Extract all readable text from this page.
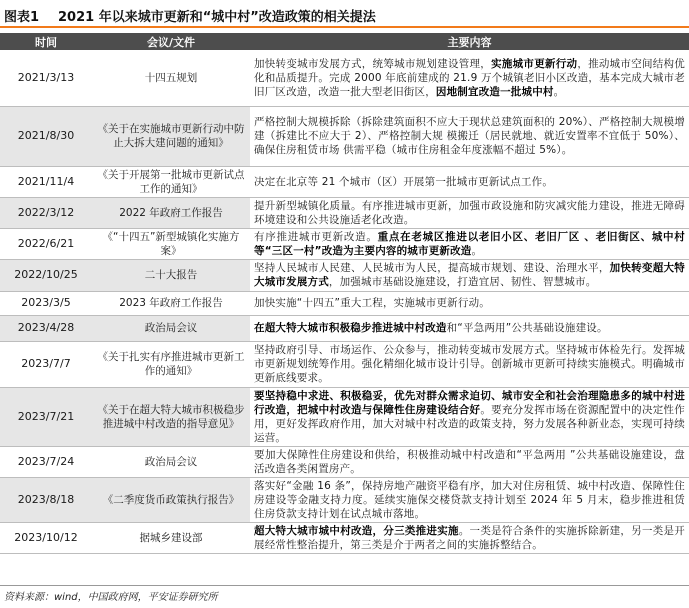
图表1 2021 年以来城市更新和“城中村”改造政策的相关提法
时间	会议/文件	主要内容
2021/3/13	十四五规划	加快转变城市发展方式，统筹城市规划建设管理，实施城市更新行动，推动城市空间结构优化和品质提升。完成 2000 年底前建成的 21.9 万个城镇老旧小区改造，基本完成大城市老旧厂区改造，改造一批大型老旧街区，因地制宜改造一批城中村。
2021/8/30	《关于在实施城市更新行动中防止大拆大建问题的通知》	严格控制大规模拆除（拆除建筑面积不应大于现状总建筑面积的 20%）、严格控制大规模增建（拆建比不应大于 2）、严格控制大规 模搬迁（居民就地、就近安置率不宜低于 50%）、确保住房租赁市场 供需平稳（城市住房租金年度涨幅不超过 5%）。
2021/11/4	《关于开展第一批城市更新试点工作的通知》	决定在北京等 21 个城市（区）开展第一批城市更新试点工作。
2022/3/12	2022 年政府工作报告	提升新型城镇化质量。有序推进城市更新，加强市政设施和防灾减灾能力建设，推进无障碍环境建设和公共设施适老化改造。
2022/6/21	《“十四五”新型城镇化实施方案》	有序推进城市更新改造。重点在老城区推进以老旧小区、老旧厂区 、老旧街区、城中村等“三区一村”改造为主要内容的城市更新改造。
2022/10/25	二十大报告	坚持人民城市人民建、人民城市为人民，提高城市规划、建设、治理水平，加快转变超大特大城市发展方式，加强城市基础设施建设，打造宜居、韧性、智慧城市。
2023/3/5	2023 年政府工作报告	加快实施“十四五”重大工程，实施城市更新行动。
2023/4/28	政治局会议	在超大特大城市积极稳步推进城中村改造和“平急两用”公共基础设施建设。
2023/7/7	《关于扎实有序推进城市更新工作的通知》	坚持政府引导、市场运作、公众参与，推动转变城市发展方式。坚持城市体检先行。发挥城市更新规划统筹作用。强化精细化城市设计引导。创新城市更新可持续实施模式。明确城市更新底线要求。
2023/7/21	《关于在超大特大城市积极稳步推进城中村改造的指导意见》	要坚持稳中求进、积极稳妥，优先对群众需求迫切、城市安全和社会治理隐患多的城中村进行改造，把城中村改造与保障性住房建设结合好。要充分发挥市场在资源配置中的决定性作用，更好发挥政府作用，加大对城中村改造的政策支持，努力发展各种新业态，实现可持续运营。
2023/7/24	政治局会议	要加大保障性住房建设和供给，积极推动城中村改造和“平急两用 ”公共基础设施建设，盘活改造各类闲置房产。
2023/8/18	《二季度货币政策执行报告》	落实好“金融 16 条”，保持房地产融资平稳有序，加大对住房租赁、城中村改造、保障性住房建设等金融支持力度。延续实施保交楼贷款支持计划至 2024 年 5 月末，稳步推进租赁住房贷款支持计划在试点城市落地。
2023/10/12	据城乡建设部	超大特大城市城中村改造，分三类推进实施。一类是符合条件的实施拆除新建，另一类是开展经常性整治提升，第三类是介于两者之间的实施拆整结合。
资料来源：wind，中国政府网，平安证券研究所
